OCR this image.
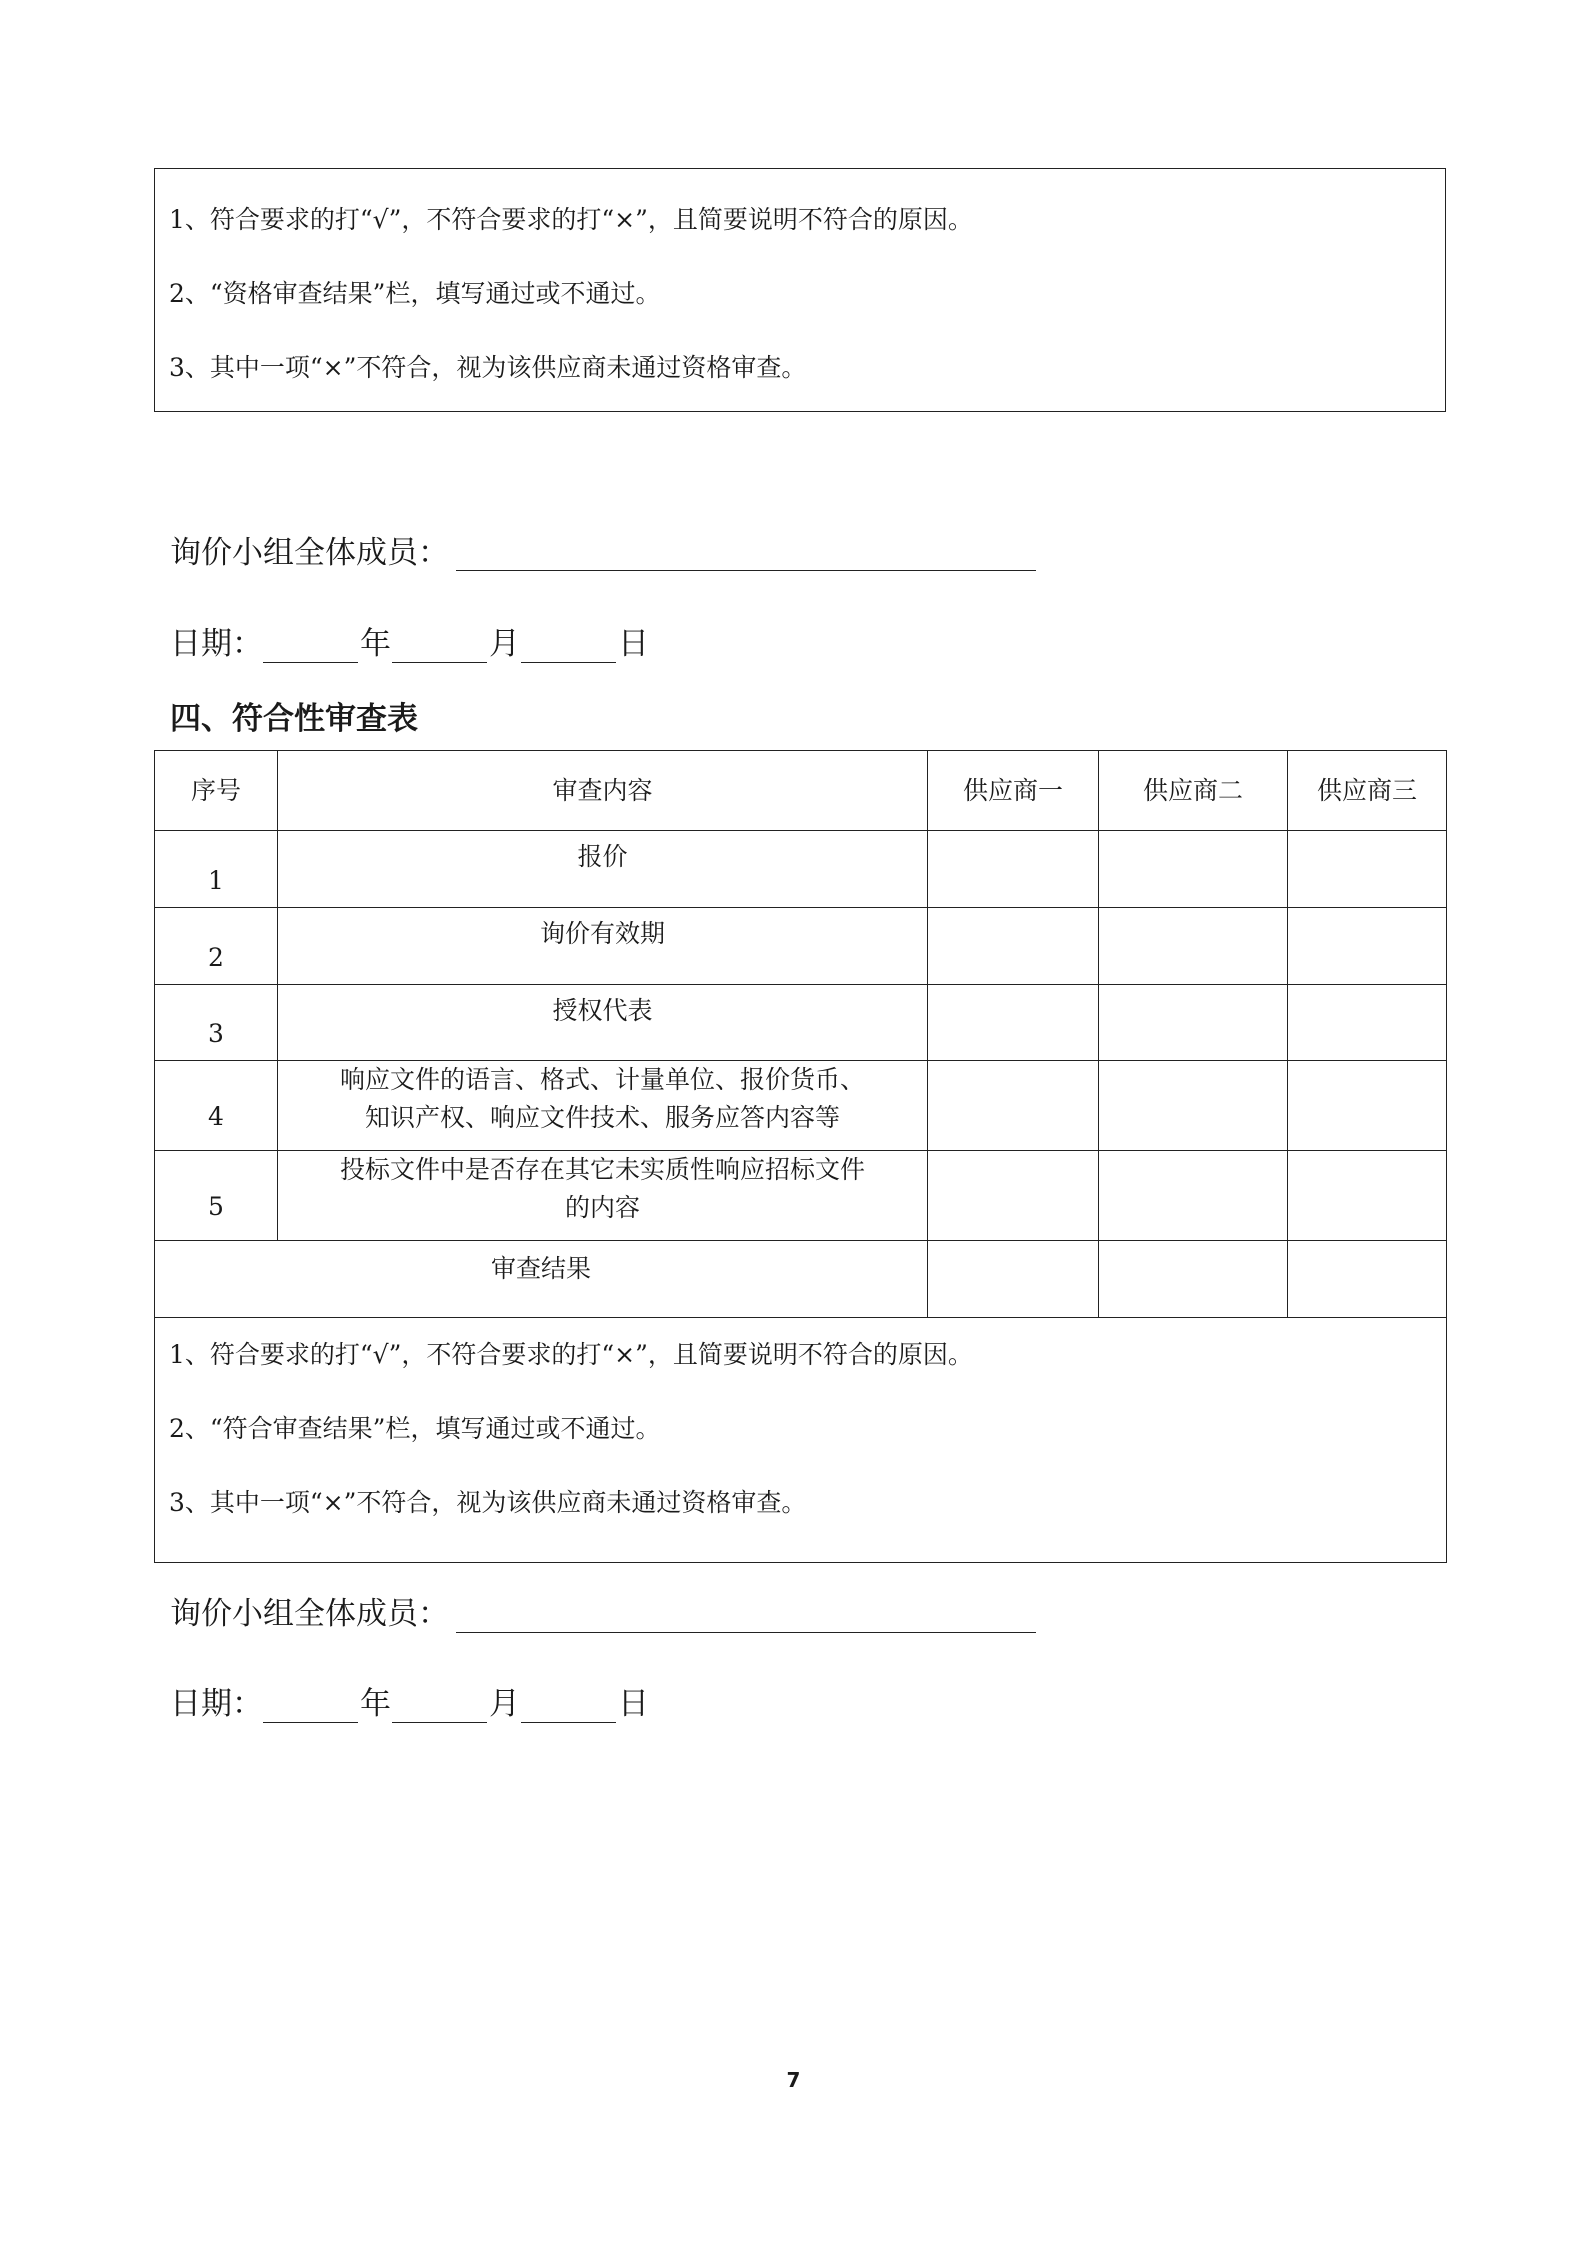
1、符合要求的打“√”，不符合要求的打“×”，且简要说明不符合的原因。
2、“资格审查结果”栏，填写通过或不通过。
3、其中一项“×”不符合，视为该供应商未通过资格审查。
询价小组全体成员：
日期：	年	月	日
四、符合性审查表
序号	审查内容	供应商一	供应商二	供应商三
1	报价			
2	询价有效期			
3	授权代表			
4	响应文件的语言、格式、计量单位、报价货币、知识产权、响应文件技术、服务应答内容等			
5	投标文件中是否存在其它未实质性响应招标文件的内容			
审查结果				

1、符合要求的打“√”，不符合要求的打“×”，且简要说明不符合的原因。
2、“符合审查结果”栏，填写通过或不通过。
3、其中一项“×”不符合，视为该供应商未通过资格审查。				
询价小组全体成员：
日期：	年	月	日
7
